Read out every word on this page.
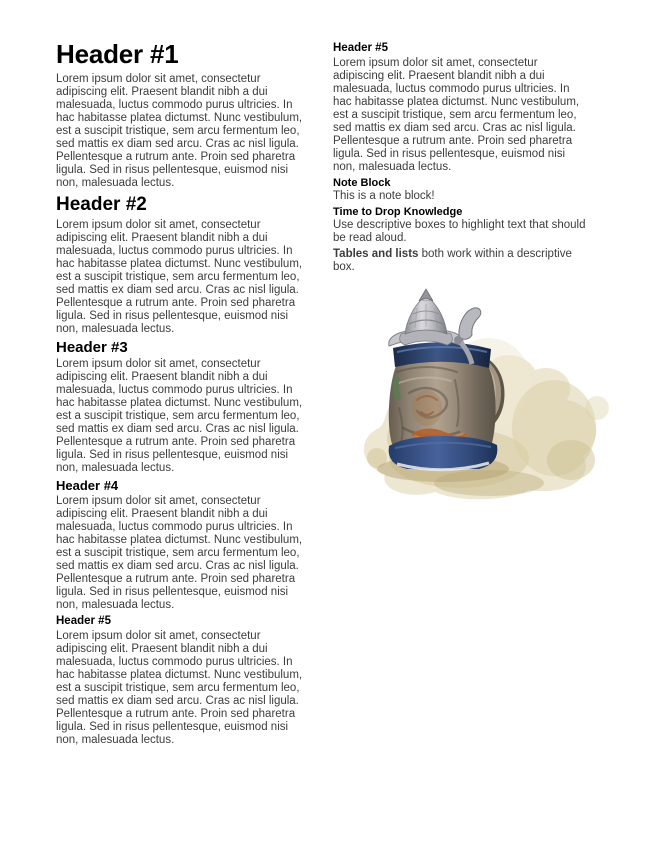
Header #1

Lorem ipsum dolor sit amet, consectetur adipiscing elit. Praesent blandit nibh a dui malesuada, luctus commodo purus ultricies. In hac habitasse platea dictumst. Nunc vestibulum, est a suscipit tristique, sem arcu fermentum leo, sed mattis ex diam sed arcu. Cras ac nisl ligula. Pellentesque a rutrum ante. Proin sed pharetra ligula. Sed in risus pellentesque, euismod nisi non, malesuada lectus.

Header #2

Lorem ipsum dolor sit amet, consectetur adipiscing elit. Praesent blandit nibh a dui malesuada, luctus commodo purus ultricies. In hac habitasse platea dictumst. Nunc vestibulum, est a suscipit tristique, sem arcu fermentum leo, sed mattis ex diam sed arcu. Cras ac nisl ligula. Pellentesque a rutrum ante. Proin sed pharetra ligula. Sed in risus pellentesque, euismod nisi non, malesuada lectus.

Header #3

Lorem ipsum dolor sit amet, consectetur adipiscing elit. Praesent blandit nibh a dui malesuada, luctus commodo purus ultricies. In hac habitasse platea dictumst. Nunc vestibulum, est a suscipit tristique, sem arcu fermentum leo, sed mattis ex diam sed arcu. Cras ac nisl ligula. Pellentesque a rutrum ante. Proin sed pharetra ligula. Sed in risus pellentesque, euismod nisi non, malesuada lectus.

Header #4

Lorem ipsum dolor sit amet, consectetur adipiscing elit. Praesent blandit nibh a dui malesuada, luctus commodo purus ultricies. In hac habitasse platea dictumst. Nunc vestibulum, est a suscipit tristique, sem arcu fermentum leo, sed mattis ex diam sed arcu. Cras ac nisl ligula. Pellentesque a rutrum ante. Proin sed pharetra ligula. Sed in risus pellentesque, euismod nisi non, malesuada lectus.

Header #5

Lorem ipsum dolor sit amet, consectetur adipiscing elit. Praesent blandit nibh a dui malesuada, luctus commodo purus ultricies. In hac habitasse platea dictumst. Nunc vestibulum, est a suscipit tristique, sem arcu fermentum leo, sed mattis ex diam sed arcu. Cras ac nisl ligula. Pellentesque a rutrum ante. Proin sed pharetra ligula. Sed in risus pellentesque, euismod nisi non, malesuada lectus.

Header #5

Lorem ipsum dolor sit amet, consectetur adipiscing elit. Praesent blandit nibh a dui malesuada, luctus commodo purus ultricies. In hac habitasse platea dictumst. Nunc vestibulum, est a suscipit tristique, sem arcu fermentum leo, sed mattis ex diam sed arcu. Cras ac nisl ligula. Pellentesque a rutrum ante. Proin sed pharetra ligula. Sed in risus pellentesque, euismod nisi non, malesuada lectus.

Note Block

This is a note block!

Time to Drop Knowledge

Use descriptive boxes to highlight text that should be read aloud.

Tables and lists both work within a descriptive box.
